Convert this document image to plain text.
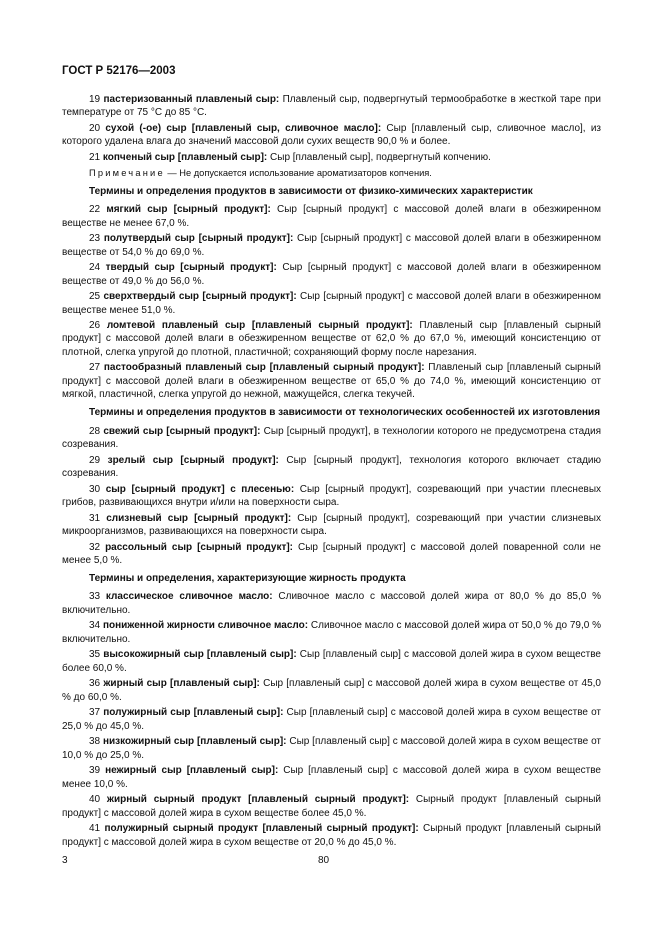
ГОСТ Р 52176—2003

19 пастеризованный плавленый сыр: Плавленый сыр, подвергнутый термообработке в жесткой таре при температуре от 75 °С до 85 °С.

20 сухой (-ое) сыр [плавленый сыр, сливочное масло]: Сыр [плавленый сыр, сливочное масло], из которого удалена влага до значений массовой доли сухих веществ 90,0 % и более.

21 копченый сыр [плавленый сыр]: Сыр [плавленый сыр], подвергнутый копчению.

Примечание — Не допускается использование ароматизаторов копчения.

Термины и определения продуктов в зависимости от физико-химических характеристик

22 мягкий сыр [сырный продукт]: Сыр [сырный продукт] с массовой долей влаги в обезжиренном веществе не менее 67,0 %.

23 полутвердый сыр [сырный продукт]: Сыр [сырный продукт] с массовой долей влаги в обезжиренном веществе от 54,0 % до 69,0 %.

24 твердый сыр [сырный продукт]: Сыр [сырный продукт] с массовой долей влаги в обезжиренном веществе от 49,0 % до 56,0 %.

25 сверхтвердый сыр [сырный продукт]: Сыр [сырный продукт] с массовой долей влаги в обезжиренном веществе менее 51,0 %.

26 ломтевой плавленый сыр [плавленый сырный продукт]: Плавленый сыр [плавленый сырный продукт] с массовой долей влаги в обезжиренном веществе от 62,0 % до 67,0 %, имеющий консистенцию от плотной, слегка упругой до плотной, пластичной; сохраняющий форму после нарезания.

27 пастообразный плавленый сыр [плавленый сырный продукт]: Плавленый сыр [плавленый сырный продукт] с массовой долей влаги в обезжиренном веществе от 65,0 % до 74,0 %, имеющий консистенцию от мягкой, пластичной, слегка упругой до нежной, мажущейся, слегка текучей.

Термины и определения продуктов в зависимости от технологических особенностей их изготовления

28 свежий сыр [сырный продукт]: Сыр [сырный продукт], в технологии которого не предусмотрена стадия созревания.

29 зрелый сыр [сырный продукт]: Сыр [сырный продукт], технология которого включает стадию созревания.

30 сыр [сырный продукт] с плесенью: Сыр [сырный продукт], созревающий при участии плесневых грибов, развивающихся внутри и/или на поверхности сыра.

31 слизневый сыр [сырный продукт]: Сыр [сырный продукт], созревающий при участии слизневых микроорганизмов, развивающихся на поверхности сыра.

32 рассольный сыр [сырный продукт]: Сыр [сырный продукт] с массовой долей поваренной соли не менее 5,0 %.

Термины и определения, характеризующие жирность продукта

33 классическое сливочное масло: Сливочное масло с массовой долей жира от 80,0 % до 85,0 % включительно.

34 пониженной жирности сливочное масло: Сливочное масло с массовой долей жира от 50,0 % до 79,0 % включительно.

35 высокожирный сыр [плавленый сыр]: Сыр [плавленый сыр] с массовой долей жира в сухом веществе более 60,0 %.

36 жирный сыр [плавленый сыр]: Сыр [плавленый сыр] с массовой долей жира в сухом веществе от 45,0 % до 60,0 %.

37 полужирный сыр [плавленый сыр]: Сыр [плавленый сыр] с массовой долей жира в сухом веществе от 25,0 % до 45,0 %.

38 низкожирный сыр [плавленый сыр]: Сыр [плавленый сыр] с массовой долей жира в сухом веществе от 10,0 % до 25,0 %.

39 нежирный сыр [плавленый сыр]: Сыр [плавленый сыр] с массовой долей жира в сухом веществе менее 10,0 %.

40 жирный сырный продукт [плавленый сырный продукт]: Сырный продукт [плавленый сырный продукт] с массовой долей жира в сухом веществе более 45,0 %.

41 полужирный сырный продукт [плавленый сырный продукт]: Сырный продукт [плавленый сырный продукт] с массовой долей жира в сухом веществе от 20,0 % до 45,0 %.

3	80
